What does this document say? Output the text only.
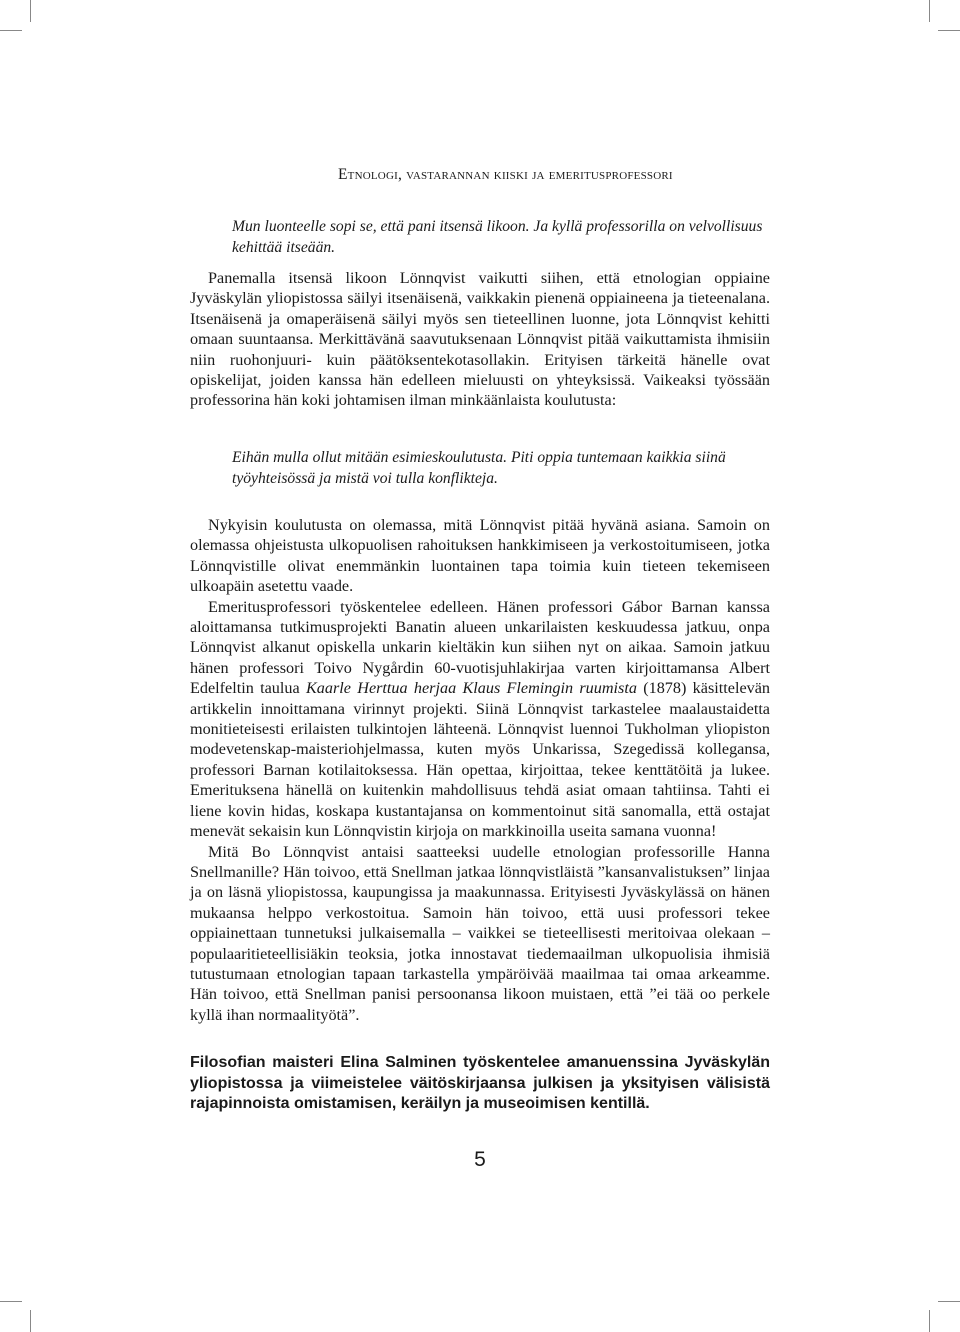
Etnologi, vastarannan kiiski ja emeritusprofessori

Mun luonteelle sopi se, että pani itsensä likoon. Ja kyllä professorilla on velvollisuus kehittää itseään.

Panemalla itsensä likoon Lönnqvist vaikutti siihen, että etnologian oppiaine Jyväskylän yliopistossa säilyi itsenäisenä, vaikkakin pienenä oppiaineena ja tieteenalana. Itsenäisenä ja omaperäisenä säilyi myös sen tieteellinen luonne, jota Lönnqvist kehitti omaan suuntaansa. Merkittävänä saavutuksenaan Lönnqvist pitää vaikuttamista ihmisiin niin ruohonjuuri- kuin päätöksentekotasollakin. Erityisen tärkeitä hänelle ovat opiskelijat, joiden kanssa hän edelleen mieluusti on yhteyksissä. Vaikeaksi työssään professorina hän koki johtamisen ilman minkäänlaista koulutusta:

Eihän mulla ollut mitään esimieskoulutusta. Piti oppia tuntemaan kaikkia siinä työyhteisössä ja mistä voi tulla konflikteja.

Nykyisin koulutusta on olemassa, mitä Lönnqvist pitää hyvänä asiana. Samoin on olemassa ohjeistusta ulkopuolisen rahoituksen hankkimiseen ja verkostoitumiseen, jotka Lönnqvistille olivat enemmänkin luontainen tapa toimia kuin tieteen tekemiseen ulkoapäin asetettu vaade.

Emeritusprofessori työskentelee edelleen. Hänen professori Gábor Barnan kanssa aloittamansa tutkimusprojekti Banatin alueen unkarilaisten keskuudessa jatkuu, onpa Lönnqvist alkanut opiskella unkarin kieltäkin kun siihen nyt on aikaa. Samoin jatkuu hänen professori Toivo Nygårdin 60-vuotisjuhlakirjaa varten kirjoittamansa Albert Edelfeltin taulua Kaarle Herttua herjaa Klaus Flemingin ruumista (1878) käsittelevän artikkelin innoittamana virinnyt projekti. Siinä Lönnqvist tarkastelee maalaustaidetta monitieteisesti erilaisten tulkintojen lähteenä. Lönnqvist luennoi Tukholman yliopiston modevetenskap-maisteriohjelmassa, kuten myös Unkarissa, Szegedissä kollegansa, professori Barnan kotilaitoksessa. Hän opettaa, kirjoittaa, tekee kenttätöitä ja lukee. Emerituksena hänellä on kuitenkin mahdollisuus tehdä asiat omaan tahtiinsa. Tahti ei liene kovin hidas, koskapa kustantajansa on kommentoinut sitä sanomalla, että ostajat menevät sekaisin kun Lönnqvistin kirjoja on markkinoilla useita samana vuonna!

Mitä Bo Lönnqvist antaisi saatteeksi uudelle etnologian professorille Hanna Snellmanille? Hän toivoo, että Snellman jatkaa lönnqvistläistä ”kansanvalistuksen” linjaa ja on läsnä yliopistossa, kaupungissa ja maakunnassa. Erityisesti Jyväskylässä on hänen mukaansa helppo verkostoitua. Samoin hän toivoo, että uusi professori tekee oppiainettaan tunnetuksi julkaisemalla – vaikkei se tieteellisesti meritoivaa olekaan – populaaritieteellisiäkin teoksia, jotka innostavat tiedemaailman ulkopuolisia ihmisiä tutustumaan etnologian tapaan tarkastella ympäröivää maailmaa tai omaa arkeamme. Hän toivoo, että Snellman panisi persoonansa likoon muistaen, että ”ei tää oo perkele kyllä ihan normaalityötä”.

Filosofian maisteri Elina Salminen työskentelee amanuenssina Jyväskylän yliopistossa ja viimeistelee väitöskirjaansa julkisen ja yksityisen välisistä rajapinnoista omistamisen, keräilyn ja museoimisen kentillä.

5
